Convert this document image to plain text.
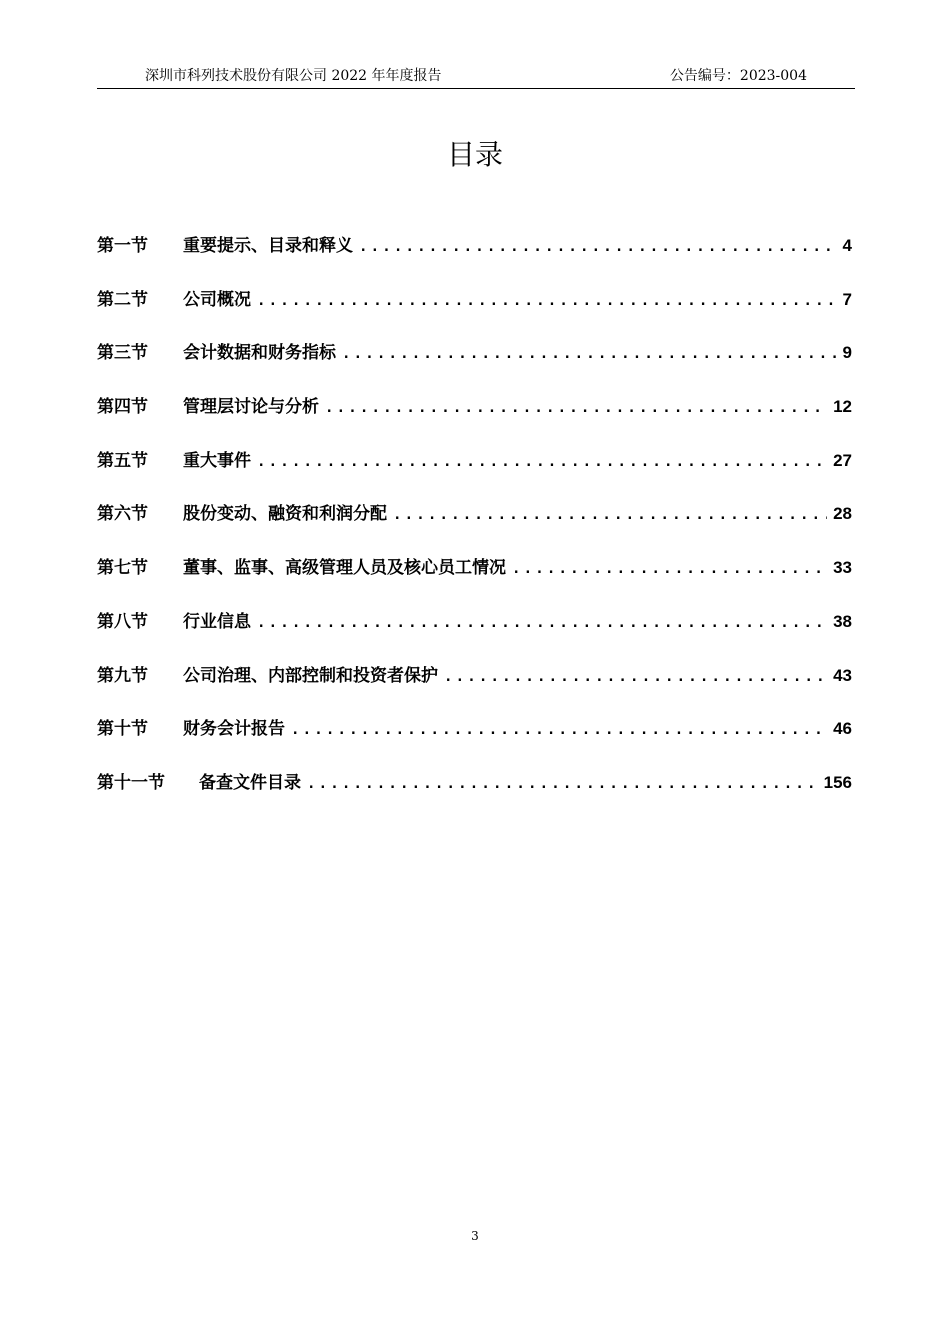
深圳市科列技术股份有限公司 2022 年年度报告	公告编号：2023-004
目录
第一节	重要提示、目录和释义 .....	4
第二节	公司概况 .....	7
第三节	会计数据和财务指标 .....	9
第四节	管理层讨论与分析 .....	12
第五节	重大事件 .....	27
第六节	股份变动、融资和利润分配 .....	28
第七节	董事、监事、高级管理人员及核心员工情况 .....	33
第八节	行业信息 .....	38
第九节	公司治理、内部控制和投资者保护 .....	43
第十节	财务会计报告 .....	46
第十一节	备查文件目录 .....	156
3
